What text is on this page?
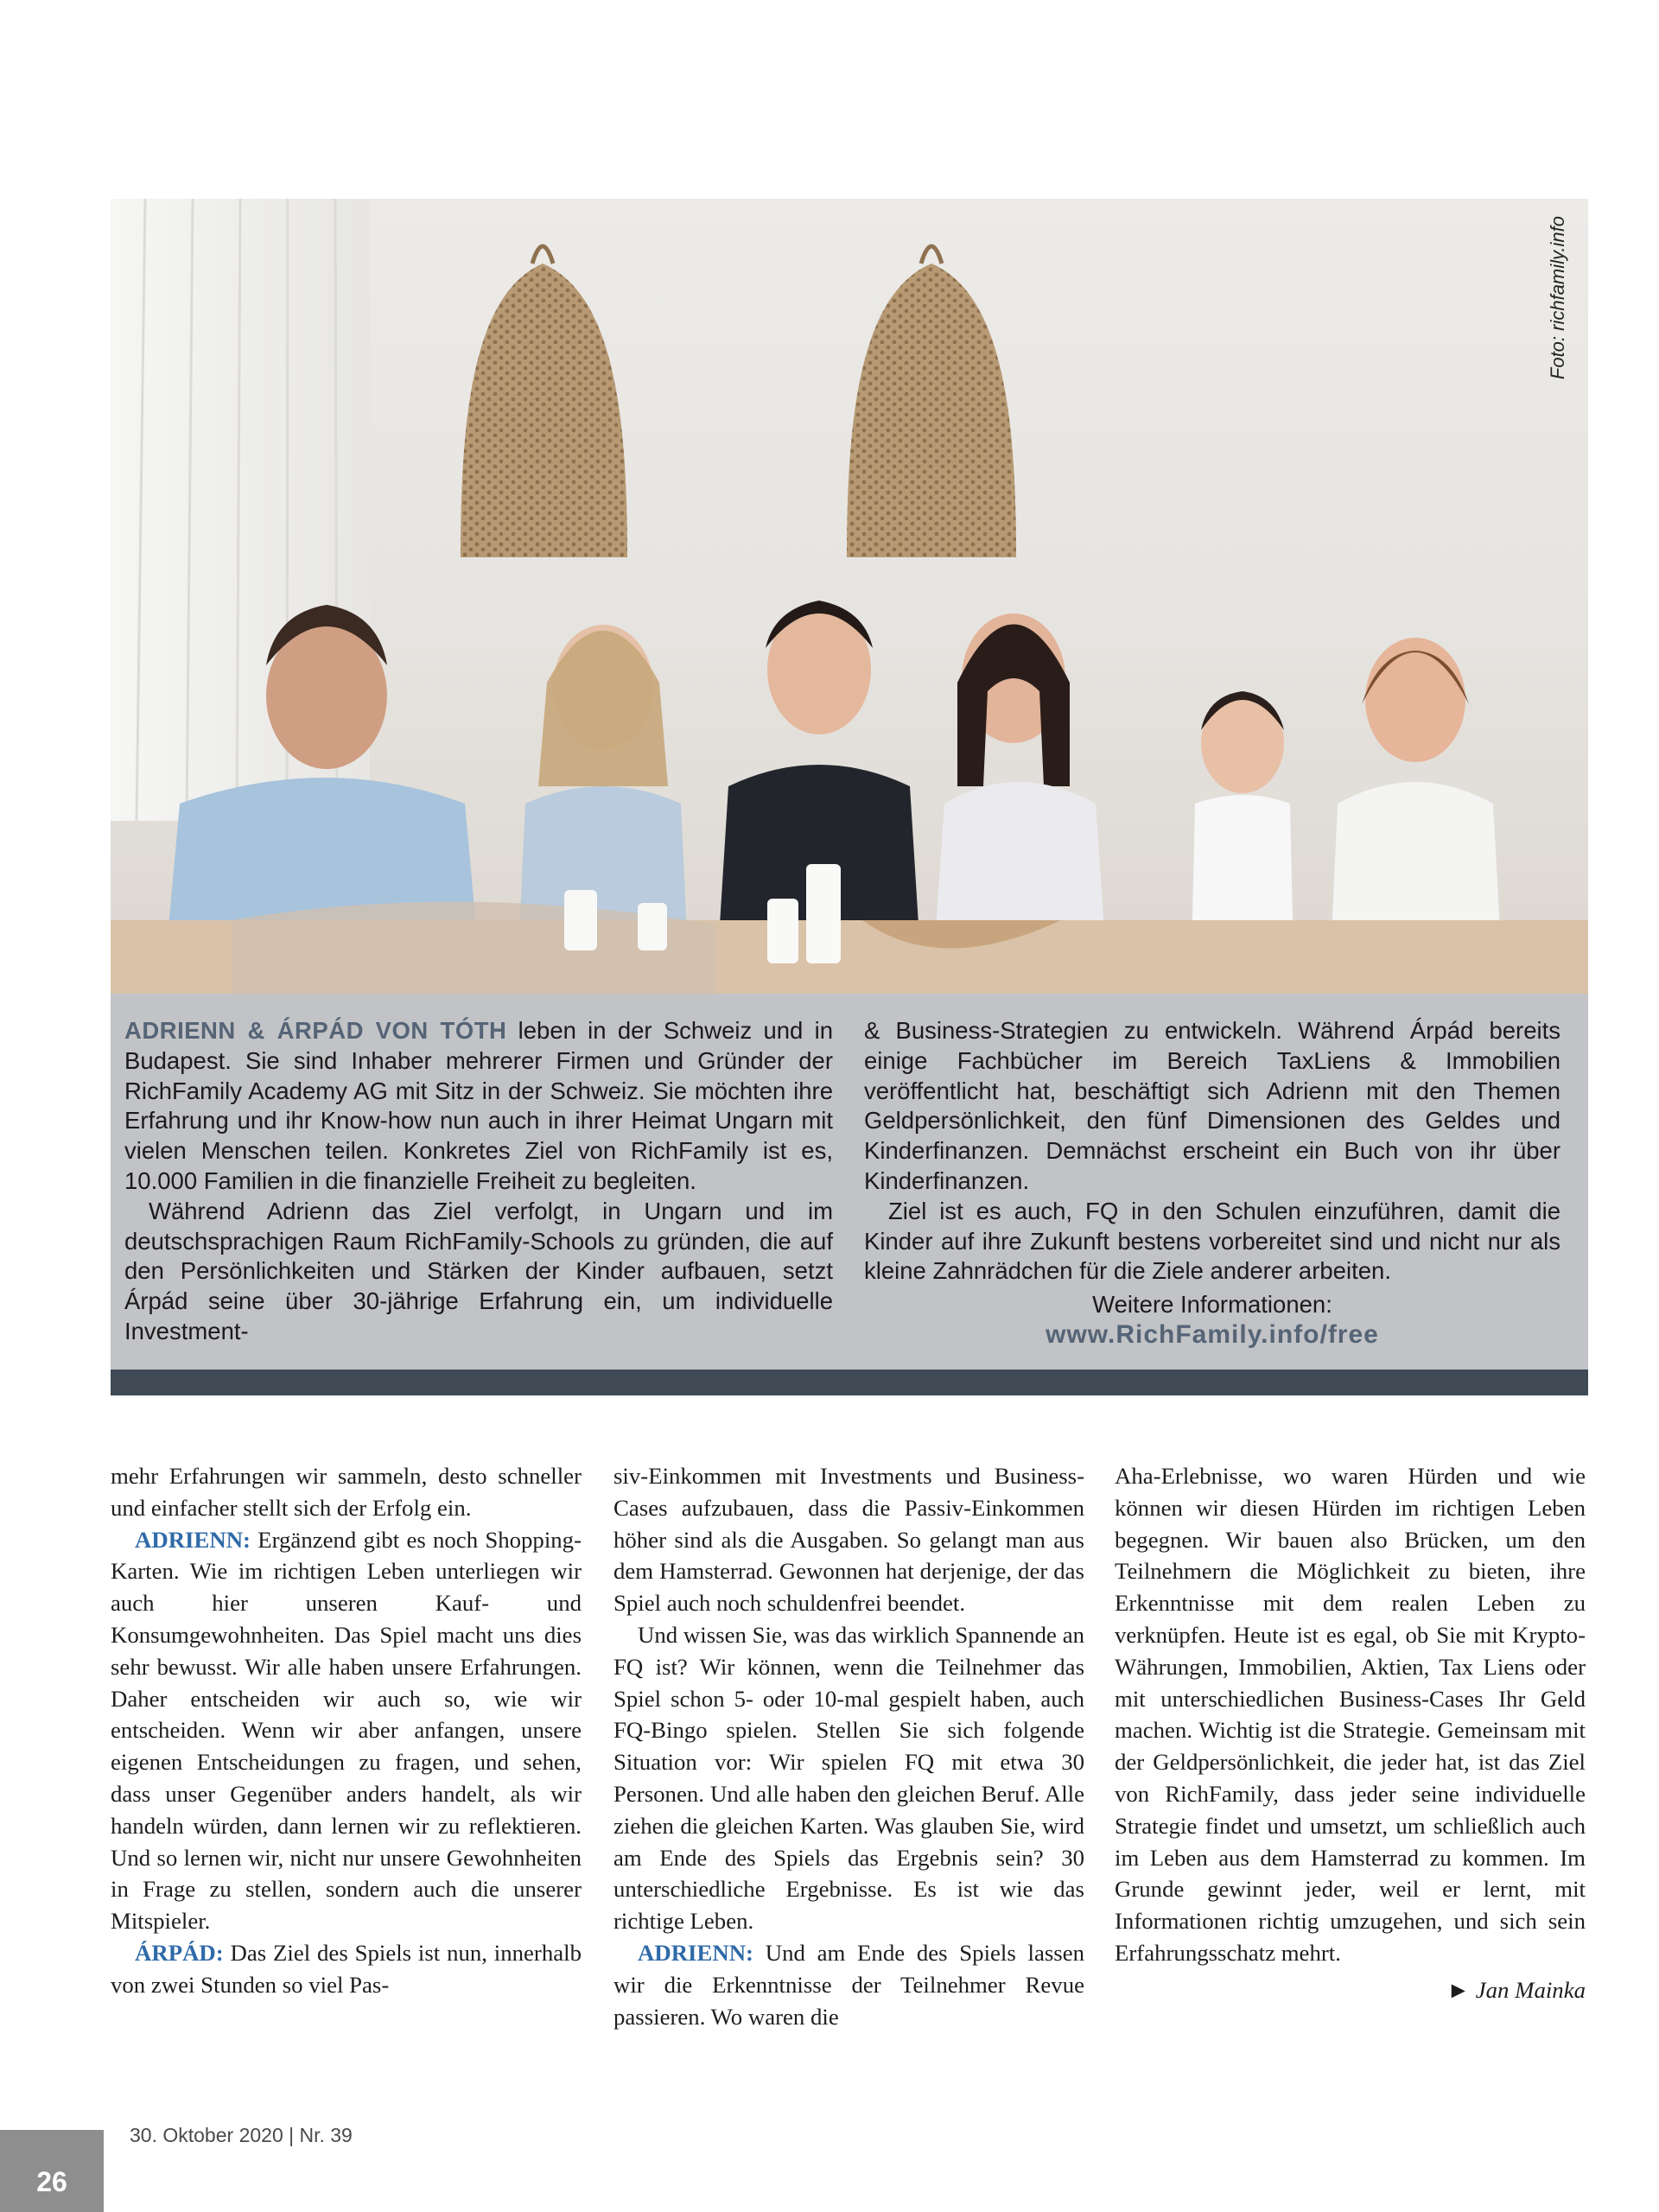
Foto: richfamily.info

ADRIENN & ÁRPÁD VON TÓTH leben in der Schweiz und in Budapest. Sie sind Inhaber mehrerer Firmen und Gründer der RichFamily Academy AG mit Sitz in der Schweiz. Sie möchten ihre Erfahrung und ihr Know-how nun auch in ihrer Heimat Ungarn mit vielen Menschen teilen. Konkretes Ziel von RichFamily ist es, 10.000 Familien in die finanzielle Freiheit zu begleiten.

Während Adrienn das Ziel verfolgt, in Ungarn und im deutschsprachigen Raum RichFamily-Schools zu gründen, die auf den Persönlichkeiten und Stärken der Kinder aufbauen, setzt Árpád seine über 30-jährige Erfahrung ein, um individuelle Investment-

& Business-Strategien zu entwickeln. Während Árpád bereits einige Fachbücher im Bereich TaxLiens & Immobilien veröffentlicht hat, beschäftigt sich Adrienn mit den Themen Geldpersönlichkeit, den fünf Dimensionen des Geldes und Kinderfinanzen. Demnächst erscheint ein Buch von ihr über Kinderfinanzen.

Ziel ist es auch, FQ in den Schulen einzuführen, damit die Kinder auf ihre Zukunft bestens vorbereitet sind und nicht nur als kleine Zahnrädchen für die Ziele anderer arbeiten.

Weitere Informationen:

www.RichFamily.info/free

mehr Erfahrungen wir sammeln, desto schneller und einfacher stellt sich der Erfolg ein.

ADRIENN: Ergänzend gibt es noch Shopping-Karten. Wie im richtigen Leben unterliegen wir auch hier unseren Kauf- und Konsumgewohnheiten. Das Spiel macht uns dies sehr bewusst. Wir alle haben unsere Erfahrungen. Daher entscheiden wir auch so, wie wir entscheiden. Wenn wir aber anfangen, unsere eigenen Entscheidungen zu fragen, und sehen, dass unser Gegenüber anders handelt, als wir handeln würden, dann lernen wir zu reflektieren. Und so lernen wir, nicht nur unsere Gewohnheiten in Frage zu stellen, sondern auch die unserer Mitspieler.

ÁRPÁD: Das Ziel des Spiels ist nun, innerhalb von zwei Stunden so viel Pas-

siv-Einkommen mit Investments und Business-Cases aufzubauen, dass die Passiv-Einkommen höher sind als die Ausgaben. So gelangt man aus dem Hamsterrad. Gewonnen hat derjenige, der das Spiel auch noch schuldenfrei beendet.

Und wissen Sie, was das wirklich Spannende an FQ ist? Wir können, wenn die Teilnehmer das Spiel schon 5- oder 10-mal gespielt haben, auch FQ-Bingo spielen. Stellen Sie sich folgende Situation vor: Wir spielen FQ mit etwa 30 Personen. Und alle haben den gleichen Beruf. Alle ziehen die gleichen Karten. Was glauben Sie, wird am Ende des Spiels das Ergebnis sein? 30 unterschiedliche Ergebnisse. Es ist wie das richtige Leben.

ADRIENN: Und am Ende des Spiels lassen wir die Erkenntnisse der Teilnehmer Revue passieren. Wo waren die

Aha-Erlebnisse, wo waren Hürden und wie können wir diesen Hürden im richtigen Leben begegnen. Wir bauen also Brücken, um den Teilnehmern die Möglichkeit zu bieten, ihre Erkenntnisse mit dem realen Leben zu verknüpfen. Heute ist es egal, ob Sie mit Krypto-Währungen, Immobilien, Aktien, Tax Liens oder mit unterschiedlichen Business-Cases Ihr Geld machen. Wichtig ist die Strategie. Gemeinsam mit der Geldpersönlichkeit, die jeder hat, ist das Ziel von RichFamily, dass jeder seine individuelle Strategie findet und umsetzt, um schließlich auch im Leben aus dem Hamsterrad zu kommen. Im Grunde gewinnt jeder, weil er lernt, mit Informationen richtig umzugehen, und sich sein Erfahrungsschatz mehrt.

► Jan Mainka
30. Oktober 2020 | Nr. 39
26
